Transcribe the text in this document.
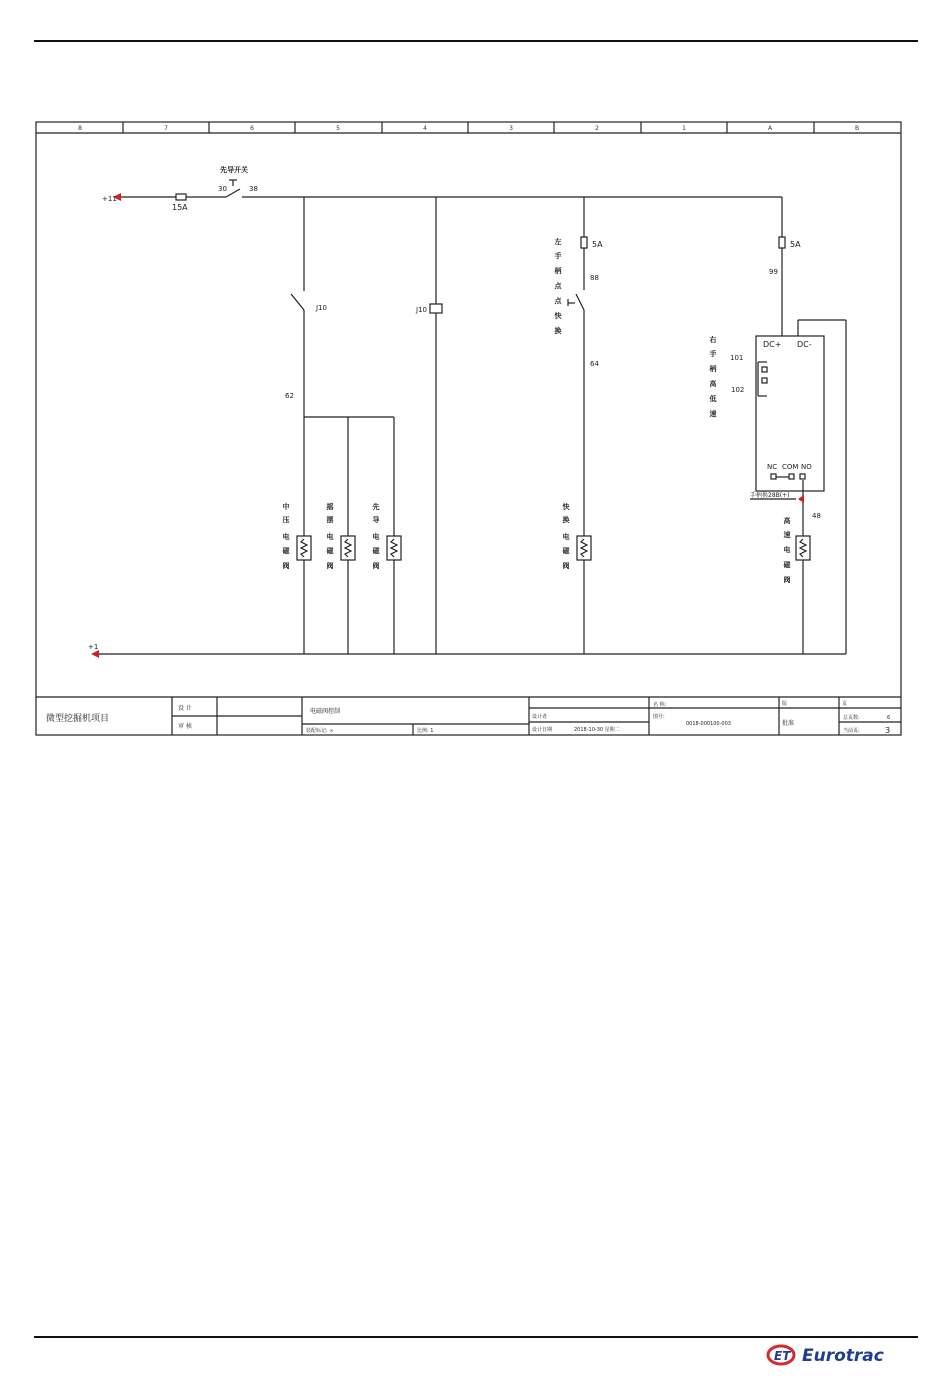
8	7	6	5	4	3	2	1	A	B
先导开关
30	38
+11
+1
15A
J10	J10
62
5A
88
64
5A
99
101
102
DC+ DC-
NC COM NO
手柄换28B(+)
48
中
压
电
磁
阀
摇
摆
电
磁
阀
先
导
电
磁
阀
左
手
柄
点
点
快
换
快
换
电
磁
阀
右
手
柄
高
低
速
高
速
电
磁
阀
微型挖掘机项目
设 计
审 核
电磁阀控制
装配标记: ∞	比例: 1
设计者
设计日期	2018-10-30 星期二
名 称:
图号:
0018-000100-003	批准
版	页
总页数:	6
当前页:	3
ET Eurotrac
